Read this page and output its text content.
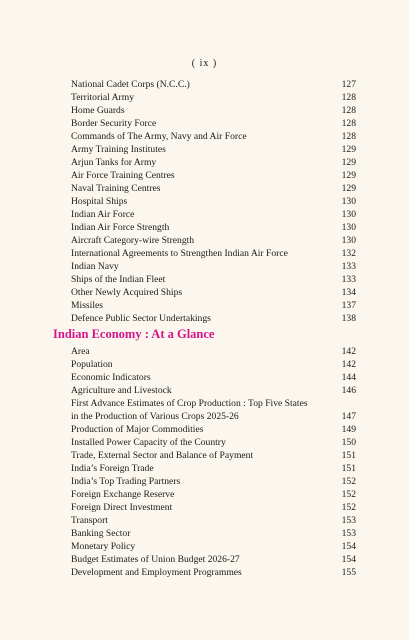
( ix )
National Cadet Corps (N.C.C.)	127
Territorial Army	128
Home Guards	128
Border Security Force	128
Commands of The Army, Navy and Air Force	128
Army Training Institutes	129
Arjun Tanks for Army	129
Air Force Training Centres	129
Naval Training Centres	129
Hospital Ships	130
Indian Air Force	130
Indian Air Force Strength	130
Aircraft Category-wire Strength	130
International Agreements to Strengthen Indian Air Force	132
Indian Navy	133
Ships of the Indian Fleet	133
Other Newly Acquired Ships	134
Missiles	137
Defence Public Sector Undertakings	138
Indian Economy : At a Glance
Area	142
Population	142
Economic Indicators	144
Agriculture and Livestock	146
First Advance Estimates of Crop Production : Top Five States
in the Production of Various Crops 2025-26	147
Production of Major Commodities	149
Installed Power Capacity of the Country	150
Trade, External Sector and Balance of Payment	151
India’s Foreign Trade	151
India’s Top Trading Partners	152
Foreign Exchange Reserve	152
Foreign Direct Investment	152
Transport	153
Banking Sector	153
Monetary Policy	154
Budget Estimates of Union Budget 2026-27	154
Development and Employment Programmes	155
